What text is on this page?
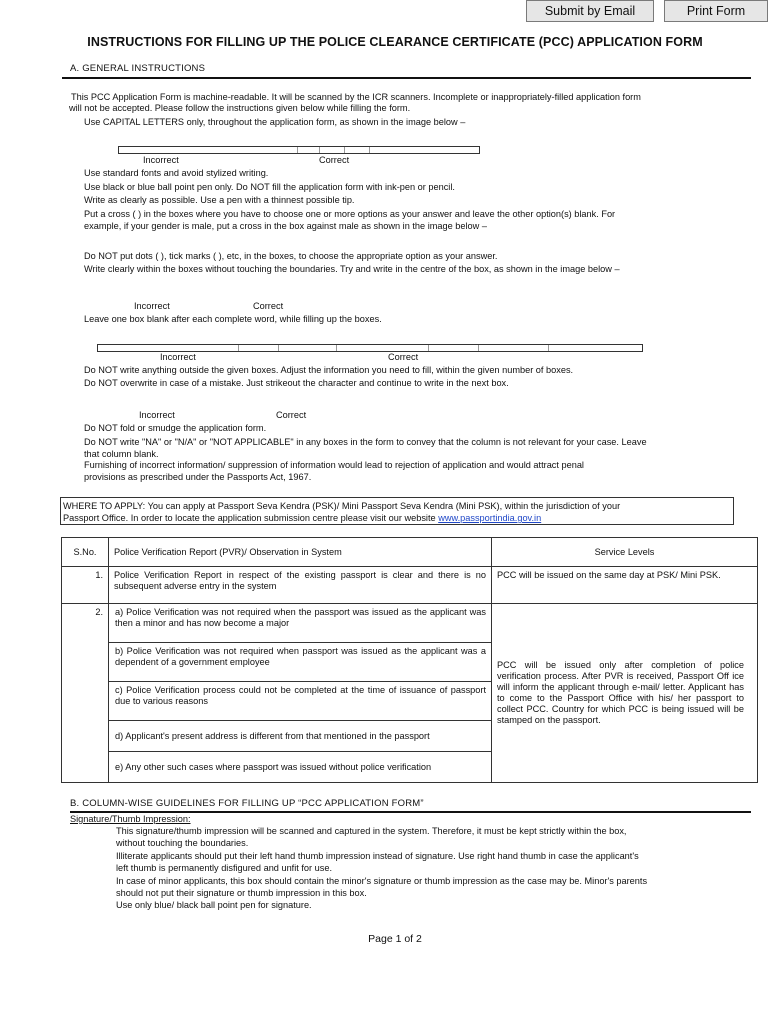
Submit by Email	Print Form
INSTRUCTIONS FOR FILLING UP THE POLICE CLEARANCE CERTIFICATE (PCC) APPLICATION FORM
A. GENERAL INSTRUCTIONS
This PCC Application Form is machine-readable. It will be scanned by the ICR scanners. Incomplete or inappropriately-filled application form
will not be accepted. Please follow the instructions given below while filling the form.
Use CAPITAL LETTERS only, throughout the application form, as shown in the image below –
Incorrect	Correct
Use standard fonts and avoid stylized writing.
Use black or blue ball point pen only. Do NOT fill the application form with ink-pen or pencil.
Write as clearly as possible. Use a pen with a thinnest possible tip.
Put a cross ( ) in the boxes where you have to choose one or more options as your answer and leave the other option(s) blank. For
example, if your gender is male, put a cross in the box against male as shown in the image below –
Do NOT put dots ( ), tick marks ( ), etc, in the boxes, to choose the appropriate option as your answer.
Write clearly within the boxes without touching the boundaries. Try and write in the centre of the box, as shown in the image below –
Incorrect	Correct
Leave one box blank after each complete word, while filling up the boxes.
Incorrect	Correct
Do NOT write anything outside the given boxes. Adjust the information you need to fill, within the given number of boxes.
Do NOT overwrite in case of a mistake. Just strikeout the character and continue to write in the next box.
Incorrect	Correct
Do NOT fold or smudge the application form.
Do NOT write "NA" or "N/A" or "NOT APPLICABLE" in any boxes in the form to convey that the column is not relevant for your case. Leave
that column blank.
Furnishing of incorrect information/ suppression of information would lead to rejection of application and would attract penal
provisions as prescribed under the Passports Act, 1967.
WHERE TO APPLY: You can apply at Passport Seva Kendra (PSK)/ Mini Passport Seva Kendra (Mini PSK), within the jurisdiction of your
Passport Office. In order to locate the application submission centre please visit our website www.passportindia.gov.in
S.No.	Police Verification Report (PVR)/ Observation in System	Service Levels
1.	Police Verification Report in respect of the existing passport is clear and there is no subsequent adverse entry in the system	PCC will be issued on the same day at PSK/ Mini PSK.
2.	a) Police Verification was not required when the passport was issued as the applicant was then a minor and has now become a major	PCC will be issued only after completion of police verification process. After PVR is received, Passport Off ice will inform the applicant through e-mail/ letter. Applicant has to come to the Passport Office with his/ her passport to collect PCC. Country for which PCC is being issued will be stamped on the passport.
	b) Police Verification was not required when passport was issued as the applicant was a dependent of a government employee	
	c) Police Verification process could not be completed at the time of issuance of passport due to various reasons	
	d) Applicant's present address is different from that mentioned in the passport	
	e) Any other such cases where passport was issued without police verification	
B. COLUMN-WISE GUIDELINES FOR FILLING UP “PCC APPLICATION FORM”
Signature/Thumb Impression:
This signature/thumb impression will be scanned and captured in the system. Therefore, it must be kept strictly within the box,
without touching the boundaries.
Illiterate applicants should put their left hand thumb impression instead of signature. Use right hand thumb in case the applicant's
left thumb is permanently disfigured and unfit for use.
In case of minor applicants, this box should contain the minor's signature or thumb impression as the case may be. Minor's parents
should not put their signature or thumb impression in this box.
Use only blue/ black ball point pen for signature.
Page 1 of 2
